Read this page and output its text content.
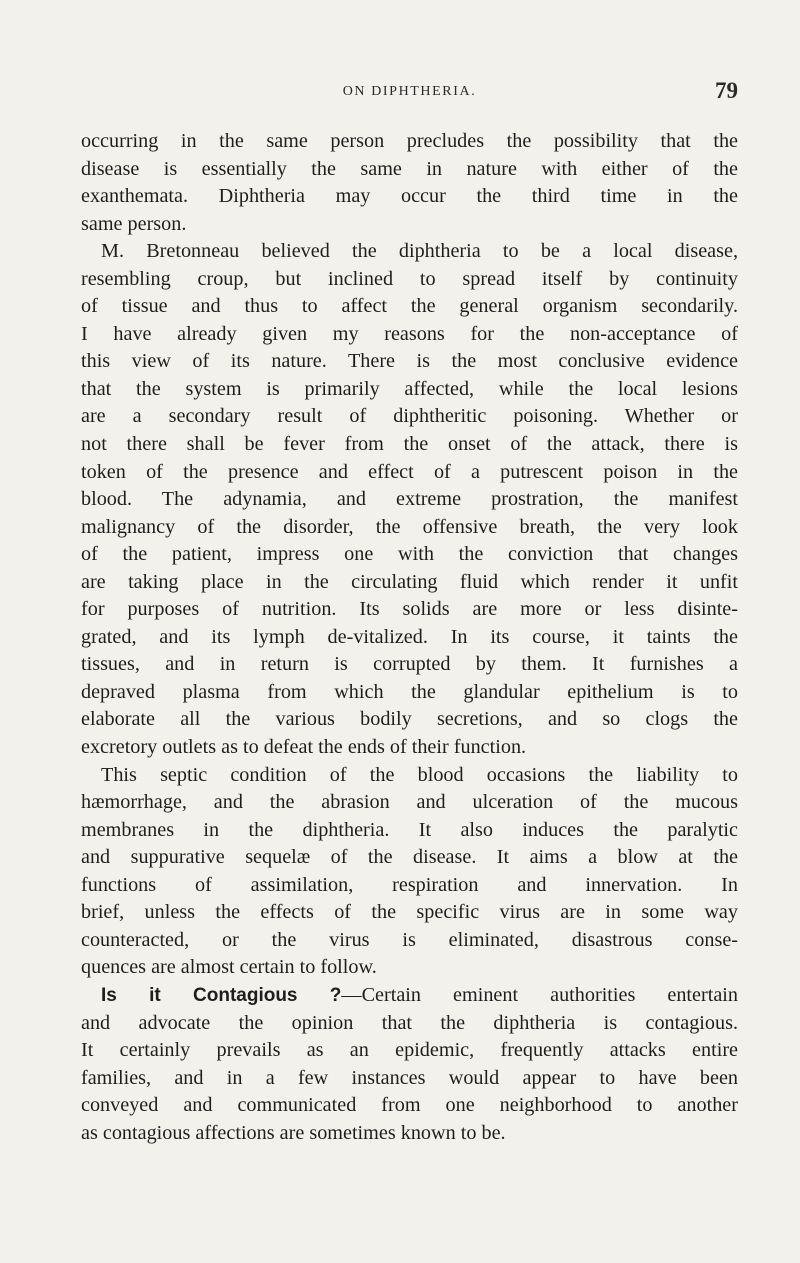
ON DIPHTHERIA.	79
occurring in the same person precludes the possibility that the
disease is essentially the same in nature with either of the
exanthemata. Diphtheria may occur the third time in the
same person.
M. Bretonneau believed the diphtheria to be a local disease,
resembling croup, but inclined to spread itself by continuity
of tissue and thus to affect the general organism secondarily.
I have already given my reasons for the non-acceptance of
this view of its nature. There is the most conclusive evidence
that the system is primarily affected, while the local lesions
are a secondary result of diphtheritic poisoning. Whether or
not there shall be fever from the onset of the attack, there is
token of the presence and effect of a putrescent poison in the
blood. The adynamia, and extreme prostration, the manifest
malignancy of the disorder, the offensive breath, the very look
of the patient, impress one with the conviction that changes
are taking place in the circulating fluid which render it unfit
for purposes of nutrition. Its solids are more or less disinte-
grated, and its lymph de-vitalized. In its course, it taints the
tissues, and in return is corrupted by them. It furnishes a
depraved plasma from which the glandular epithelium is to
elaborate all the various bodily secretions, and so clogs the
excretory outlets as to defeat the ends of their function.
This septic condition of the blood occasions the liability to
hæmorrhage, and the abrasion and ulceration of the mucous
membranes in the diphtheria. It also induces the paralytic
and suppurative sequelæ of the disease. It aims a blow at the
functions of assimilation, respiration and innervation. In
brief, unless the effects of the specific virus are in some way
counteracted, or the virus is eliminated, disastrous conse-
quences are almost certain to follow.
Is it Contagious ?—Certain eminent authorities entertain
and advocate the opinion that the diphtheria is contagious.
It certainly prevails as an epidemic, frequently attacks entire
families, and in a few instances would appear to have been
conveyed and communicated from one neighborhood to another
as contagious affections are sometimes known to be.
